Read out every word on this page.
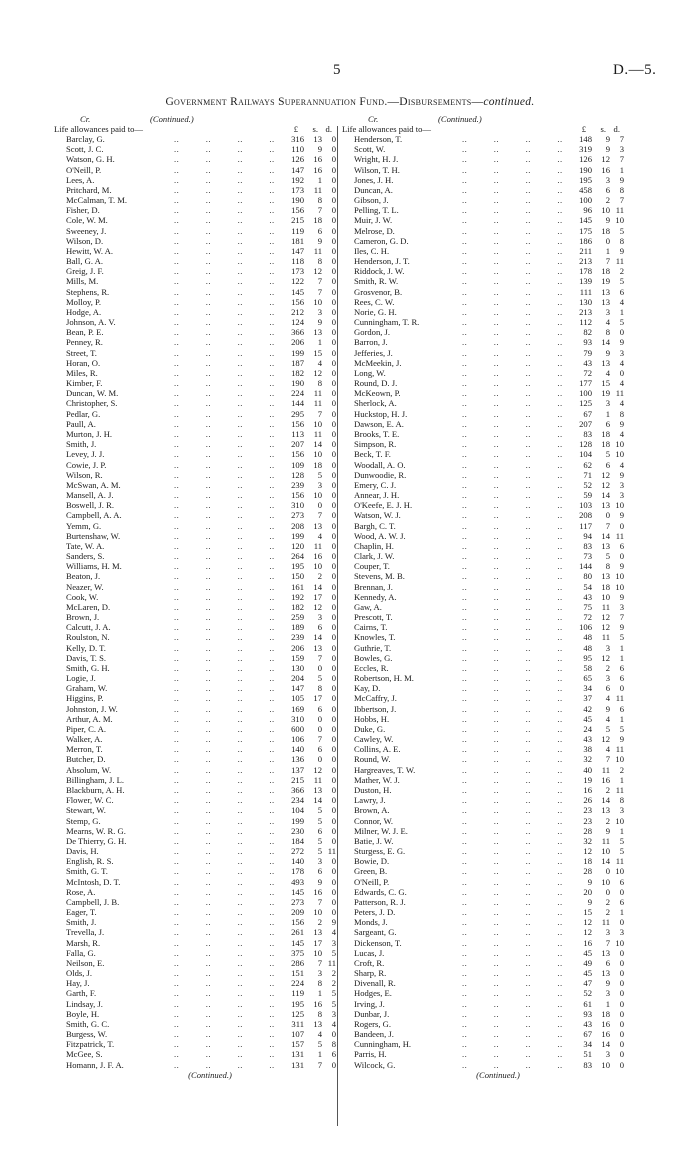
5	D.—5.
Government Railways Superannuation Fund.—Disbursements—continued.
Cr.	(Continued.)
Life allowances paid to—	£	s. d.
Barclay, G. ..	316	13	0
Scott, J. C. ..	110	9	0
Watson, G. H. ..	126	16	0
O'Neill, P. ..	147	16	0
Lees, A. ..	192	1	0
Pritchard, M. ..	173	11	0
McCalman, T. M. ..	190	8	0
Fisher, D. ..	156	7	0
Cole, W. M. ..	215	18	0
Sweeney, J. ..	119	6	0
Wilson, D. ..	181	9	0
Hewitt, W. A. ..	147	11	0
Ball, G. A. ..	118	8	0
Greig, J. F. ..	173	12	0
Mills, M. ..	122	7	0
Stephens, R. ..	145	7	0
Molloy, P. ..	156	10	0
Hodge, A. ..	212	3	0
Johnson, A. V. ..	124	9	0
Bean, P. E. ..	366	13	0
Penney, R. ..	206	1	0
Street, T. ..	199	15	0
Horan, O. ..	187	4	0
Miles, R. ..	182	12	0
Kimber, F. ..	190	8	0
Duncan, W. M. ..	224	11	0
Christopher, S. ..	144	11	0
Pedlar, G. ..	295	7	0
Paull, A. ..	156	10	0
Murton, J. H. ..	113	11	0
Smith, J. ..	207	14	0
Levey, J. J. ..	156	10	0
Cowie, J. P. ..	109	18	0
Wilson, R. ..	128	5	0
McSwan, A. M. ..	239	3	0
Mansell, A. J. ..	156	10	0
Boswell, J. R. ..	310	0	0
Campbell, A. A. ..	273	7	0
Yemm, G. ..	208	13	0
Burtenshaw, W. ..	199	4	0
Tate, W. A. ..	120	11	0
Sanders, S. ..	264	16	0
Williams, H. M. ..	195	10	0
Beaton, J. ..	150	2	0
Neazer, W. ..	161	14	0
Cook, W. ..	192	17	0
McLaren, D. ..	182	12	0
Brown, J. ..	259	3	0
Calcutt, J. A. ..	189	6	0
Roulston, N. ..	239	14	0
Kelly, D. T. ..	206	13	0
Davis, T. S. ..	159	7	0
Smith, G. H. ..	130	0	0
Logie, J. ..	204	5	0
Graham, W. ..	147	8	0
Higgins, P. ..	105	17	0
Johnston, J. W. ..	169	6	0
Arthur, A. M. ..	310	0	0
Piper, C. A. ..	600	0	0
Walker, A. ..	106	7	0
Merron, T. ..	140	6	0
Butcher, D. ..	136	0	0
Absolum, W. ..	137	12	0
Billingham, J. L. ..	215	11	0
Blackburn, A. H. ..	366	13	0
Flower, W. C. ..	234	14	0
Stewart, W. ..	104	5	0
Stemp, G. ..	199	5	0
Mearns, W. R. G. ..	230	6	0
De Thierry, G. H. ..	184	5	0
Davis, H. ..	272	5 11
English, R. S. ..	140	3	0
Smith, G. T. ..	178	6	0
McIntosh, D. T. ..	493	9	0
Rose, A. ..	145	16	0
Campbell, J. B. ..	273	7	0
Eager, T. ..	209	10	0
Smith, J. ..	156	2	9
Trevella, J. ..	261	13	4
Marsh, R. ..	145	17	3
Falla, G. ..	375	10	5
Neilson, E. ..	286	7 11
Olds, J. ..	151	3	2
Hay, J. ..	224	8	2
Garth, F. ..	119	1	5
Lindsay, J. ..	195	16	5
Boyle, H. ..	125	8	3
Smith, G. C. ..	311	13	4
Burgess, W. ..	107	4	0
Fitzpatrick, T. ..	157	5	8
McGee, S. ..	131	1	6
Homann, J. F. A. ..	131	7	0
(Continued.)
Cr.	(Continued.)
Life allowances paid to—	£	s. d.
Henderson, T. ..	148	9	7
Scott, W. ..	319	9	3
Wright, H. J. ..	126	12	7
Wilson, T. H. ..	190	16	1
Jones, J. H. ..	195	3	9
Duncan, A. ..	458	6	8
Gibson, J. ..	100	2	7
Pelling, T. L. ..	96	10 11
Muir, J. W. ..	145	9 10
Melrose, D. ..	175	18	5
Cameron, G. D. ..	186	0	8
Iles, C. H. ..	211	1	9
Henderson, J. T. ..	213	7 11
Riddock, J. W. ..	178	18	2
Smith, R. W. ..	139	19	5
Grosvenor, B. ..	111	13	6
Rees, C. W. ..	130	13	4
Norie, G. H. ..	213	3	1
Cunningham, T. R. ..	112	4	5
Gordon, J. ..	82	8	0
Barron, J. ..	93	14	9
Jefferies, J. ..	79	9	3
McMeekin, J. ..	43	13	4
Long, W. ..	72	4	0
Round, D. J. ..	177	15	4
McKeown, P. ..	100	19 11
Sherlock, A. ..	125	3	4
Huckstop, H. J. ..	67	1	8
Dawson, E. A. ..	207	6	9
Brooks, T. E. ..	83	18	4
Simpson, R. ..	128	18 10
Beck, T. F. ..	104	5 10
Woodall, A. O. ..	62	6	4
Dunwoodie, R. ..	71	12	9
Emery, C. J. ..	52	12	3
Annear, J. H. ..	59	14	3
O'Keefe, E. J. H. ..	103	13 10
Watson, W. J. ..	208	0	9
Bargh, C. T. ..	117	7	0
Wood, A. W. J. ..	94	14 11
Chaplin, H. ..	83	13	6
Clark, J. W. ..	73	5	0
Couper, T. ..	144	8	9
Stevens, M. B. ..	80	13 10
Brennan, J. ..	54	18 10
Kennedy, A. ..	43	10	9
Gaw, A. ..	75	11	3
Prescott, T. ..	72	12	7
Cairns, T. ..	106	12	9
Knowles, T. ..	48	11	5
Guthrie, T. ..	48	3	1
Bowles, G. ..	95	12	1
Eccles, R. ..	58	2	6
Robertson, H. M. ..	65	3	6
Kay, D. ..	34	6	0
McCaffry, J. ..	37	4 11
Ibbertson, J. ..	42	9	6
Hobbs, H. ..	45	4	1
Duke, G. ..	24	5	5
Cawley, W. ..	43	12	9
Collins, A. E. ..	38	4 11
Round, W. ..	32	7 10
Hargreaves, T. W. ..	40	11	2
Mather, W. J. ..	19	16	1
Duston, H. ..	16	2 11
Lawry, J. ..	26	14	8
Brown, A. ..	23	13	3
Connor, W. ..	23	2 10
Milner, W. J. E. ..	28	9	1
Batie, J. W. ..	32	11	5
Sturgess, E. G. ..	12	10	5
Bowie, D. ..	18	14 11
Green, B. ..	28	0 10
O'Neill, P. ..	9	10	6
Edwards, C. G. ..	20	0	0
Patterson, R. J. ..	9	2	6
Peters, J. D. ..	15	2	1
Monds, J. ..	12	11	0
Sargeant, G. ..	12	3	3
Dickenson, T. ..	16	7 10
Lucas, J. ..	45	13	0
Croft, R. ..	49	6	0
Sharp, R. ..	45	13	0
Divenall, R. ..	47	9	0
Hodges, E. ..	52	3	0
Irving, J. ..	61	1	0
Dunbar, J. ..	93	18	0
Rogers, G. ..	43	16	0
Bandeen, J. ..	67	16	0
Cunningham, H. ..	34	14	0
Parris, H. ..	51	3	0
Wilcock, G. ..	83	10	0
(Continued.)
